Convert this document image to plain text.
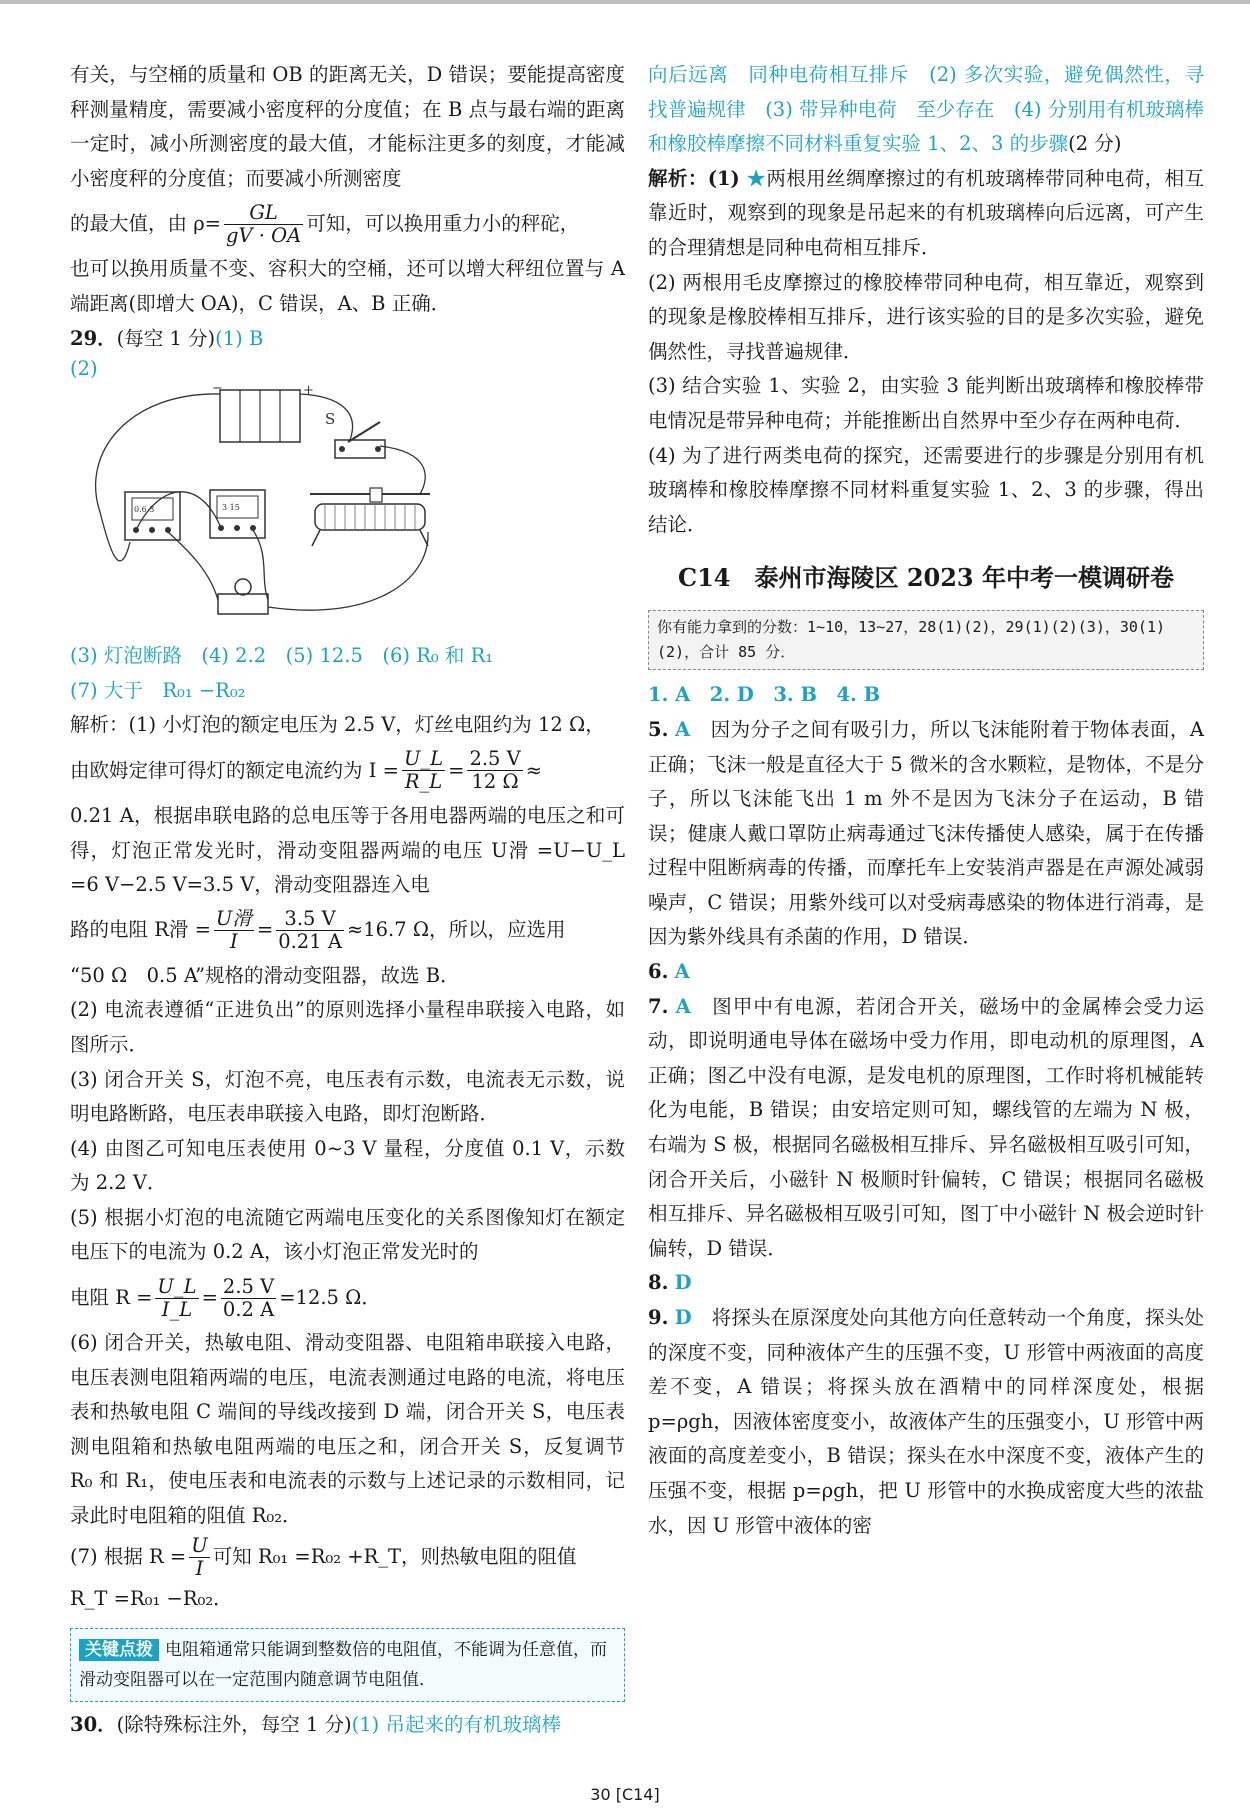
有关，与空桶的质量和 OB 的距离无关，D 错误；要能提高密度秤测量精度，需要减小密度秤的分度值；在 B 点与最右端的距离一定时，减小所测密度的最大值，才能标注更多的刻度，才能减小密度秤的分度值；而要减小所测密度

的最大值，由 $\rho= \frac{GL}{gV \cdot OA}$ 可知，可以换用重力小的秤砣，

也可以换用质量不变、容积大的空桶，还可以增大秤纽位置与 A 端距离(即增大 OA)，C 错误，A、B 正确．

29．(每空 1 分)(1) B

(2)

−	+
S
0.6 3	3 15

(3) 灯泡断路　(4) 2.2　(5) 12.5　(6) R₀ 和 R₁

(7) 大于　R₀₁ −R₀₂

解析：(1) 小灯泡的额定电压为 2.5 V，灯丝电阻约为 12 Ω，

由欧姆定律可得灯的额定电流约为 $I = \frac{U\_L}{R\_L} = \frac{2.5 V}{12 \Omega}$ ≈

0.21 A，根据串联电路的总电压等于各用电器两端的电压之和可得，灯泡正常发光时，滑动变阻器两端的电压 U滑 =U−U_L =6 V−2.5 V=3.5 V，滑动变阻器连入电

路的电阻 R滑 = $\frac{\text{U滑}}{I} = \frac{3.5 V}{0.21 A} \approx 16.7$ Ω，所以，应选用

“50 Ω　0.5 A”规格的滑动变阻器，故选 B．

(2) 电流表遵循“正进负出”的原则选择小量程串联接入电路，如图所示．

(3) 闭合开关 S，灯泡不亮，电压表有示数，电流表无示数，说明电路断路，电压表串联接入电路，即灯泡断路．

(4) 由图乙可知电压表使用 0∼3 V 量程，分度值 0.1 V，示数为 2.2 V．

(5) 根据小灯泡的电流随它两端电压变化的关系图像知灯在额定电压下的电流为 0.2 A，该小灯泡正常发光时的

电阻 $R = \frac{U\_L}{I\_L} = \frac{2.5 V}{0.2 A} =12.5$ Ω．

(6) 闭合开关，热敏电阻、滑动变阻器、电阻箱串联接入电路，电压表测电阻箱两端的电压，电流表测通过电路的电流，将电压表和热敏电阻 C 端间的导线改接到 D 端，闭合开关 S，电压表测电阻箱和热敏电阻两端的电压之和，闭合开关 S，反复调节 R₀ 和 R₁，使电压表和电流表的示数与上述记录的示数相同，记录此时电阻箱的阻值 R₀₂．

(7) 根据 $R = \frac{U}{I}$ 可知 R₀₁ =R₀₂ +R_T，则热敏电阻的阻值

R_T =R₀₁ −R₀₂．

关键点拨 电阻箱通常只能调到整数倍的电阻值，不能调为任意值，而滑动变阻器可以在一定范围内随意调节电阻值．

30．(除特殊标注外，每空 1 分)(1) 吊起来的有机玻璃棒

向后远离　同种电荷相互排斥　(2) 多次实验，避免偶然性，寻找普遍规律　(3) 带异种电荷　至少存在　(4) 分别用有机玻璃棒和橡胶棒摩擦不同材料重复实验 1、2、3 的步骤(2 分)

解析：(1) ★两根用丝绸摩擦过的有机玻璃棒带同种电荷，相互靠近时，观察到的现象是吊起来的有机玻璃棒向后远离，可产生的合理猜想是同种电荷相互排斥．

(2) 两根用毛皮摩擦过的橡胶棒带同种电荷，相互靠近，观察到的现象是橡胶棒相互排斥，进行该实验的目的是多次实验，避免偶然性，寻找普遍规律．

(3) 结合实验 1、实验 2，由实验 3 能判断出玻璃棒和橡胶棒带电情况是带异种电荷；并能推断出自然界中至少存在两种电荷．

(4) 为了进行两类电荷的探究，还需要进行的步骤是分别用有机玻璃棒和橡胶棒摩擦不同材料重复实验 1、2、3 的步骤，得出结论．

C14　泰州市海陵区 2023 年中考一模调研卷
你有能力拿到的分数：1∼10，13∼27，28(1)(2)，29(1)(2)(3)，30(1)(2)，合计 85 分．

1. A　2. D　3. B　4. B

5. A　 因为分子之间有吸引力，所以飞沫能附着于物体表面，A 正确；飞沫一般是直径大于 5 微米的含水颗粒，是物体，不是分子，所以飞沫能飞出 1 m 外不是因为飞沫分子在运动，B 错误；健康人戴口罩防止病毒通过飞沫传播使人感染，属于在传播过程中阻断病毒的传播，而摩托车上安装消声器是在声源处减弱噪声，C 错误；用紫外线可以对受病毒感染的物体进行消毒，是因为紫外线具有杀菌的作用，D 错误．

6. A

7. A　 图甲中有电源，若闭合开关，磁场中的金属棒会受力运动，即说明通电导体在磁场中受力作用，即电动机的原理图，A 正确；图乙中没有电源，是发电机的原理图，工作时将机械能转化为电能，B 错误；由安培定则可知，螺线管的左端为 N 极，右端为 S 极，根据同名磁极相互排斥、异名磁极相互吸引可知，闭合开关后，小磁针 N 极顺时针偏转，C 错误；根据同名磁极相互排斥、异名磁极相互吸引可知，图丁中小磁针 N 极会逆时针偏转，D 错误．

8. D

9. D　 将探头在原深度处向其他方向任意转动一个角度，探头处的深度不变，同种液体产生的压强不变，U 形管中两液面的高度差不变，A 错误；将探头放在酒精中的同样深度处，根据 p=ρgh，因液体密度变小，故液体产生的压强变小，U 形管中两液面的高度差变小，B 错误；探头在水中深度不变，液体产生的压强不变，根据 p=ρgh，把 U 形管中的水换成密度大些的浓盐水，因 U 形管中液体的密

30 [C14]
